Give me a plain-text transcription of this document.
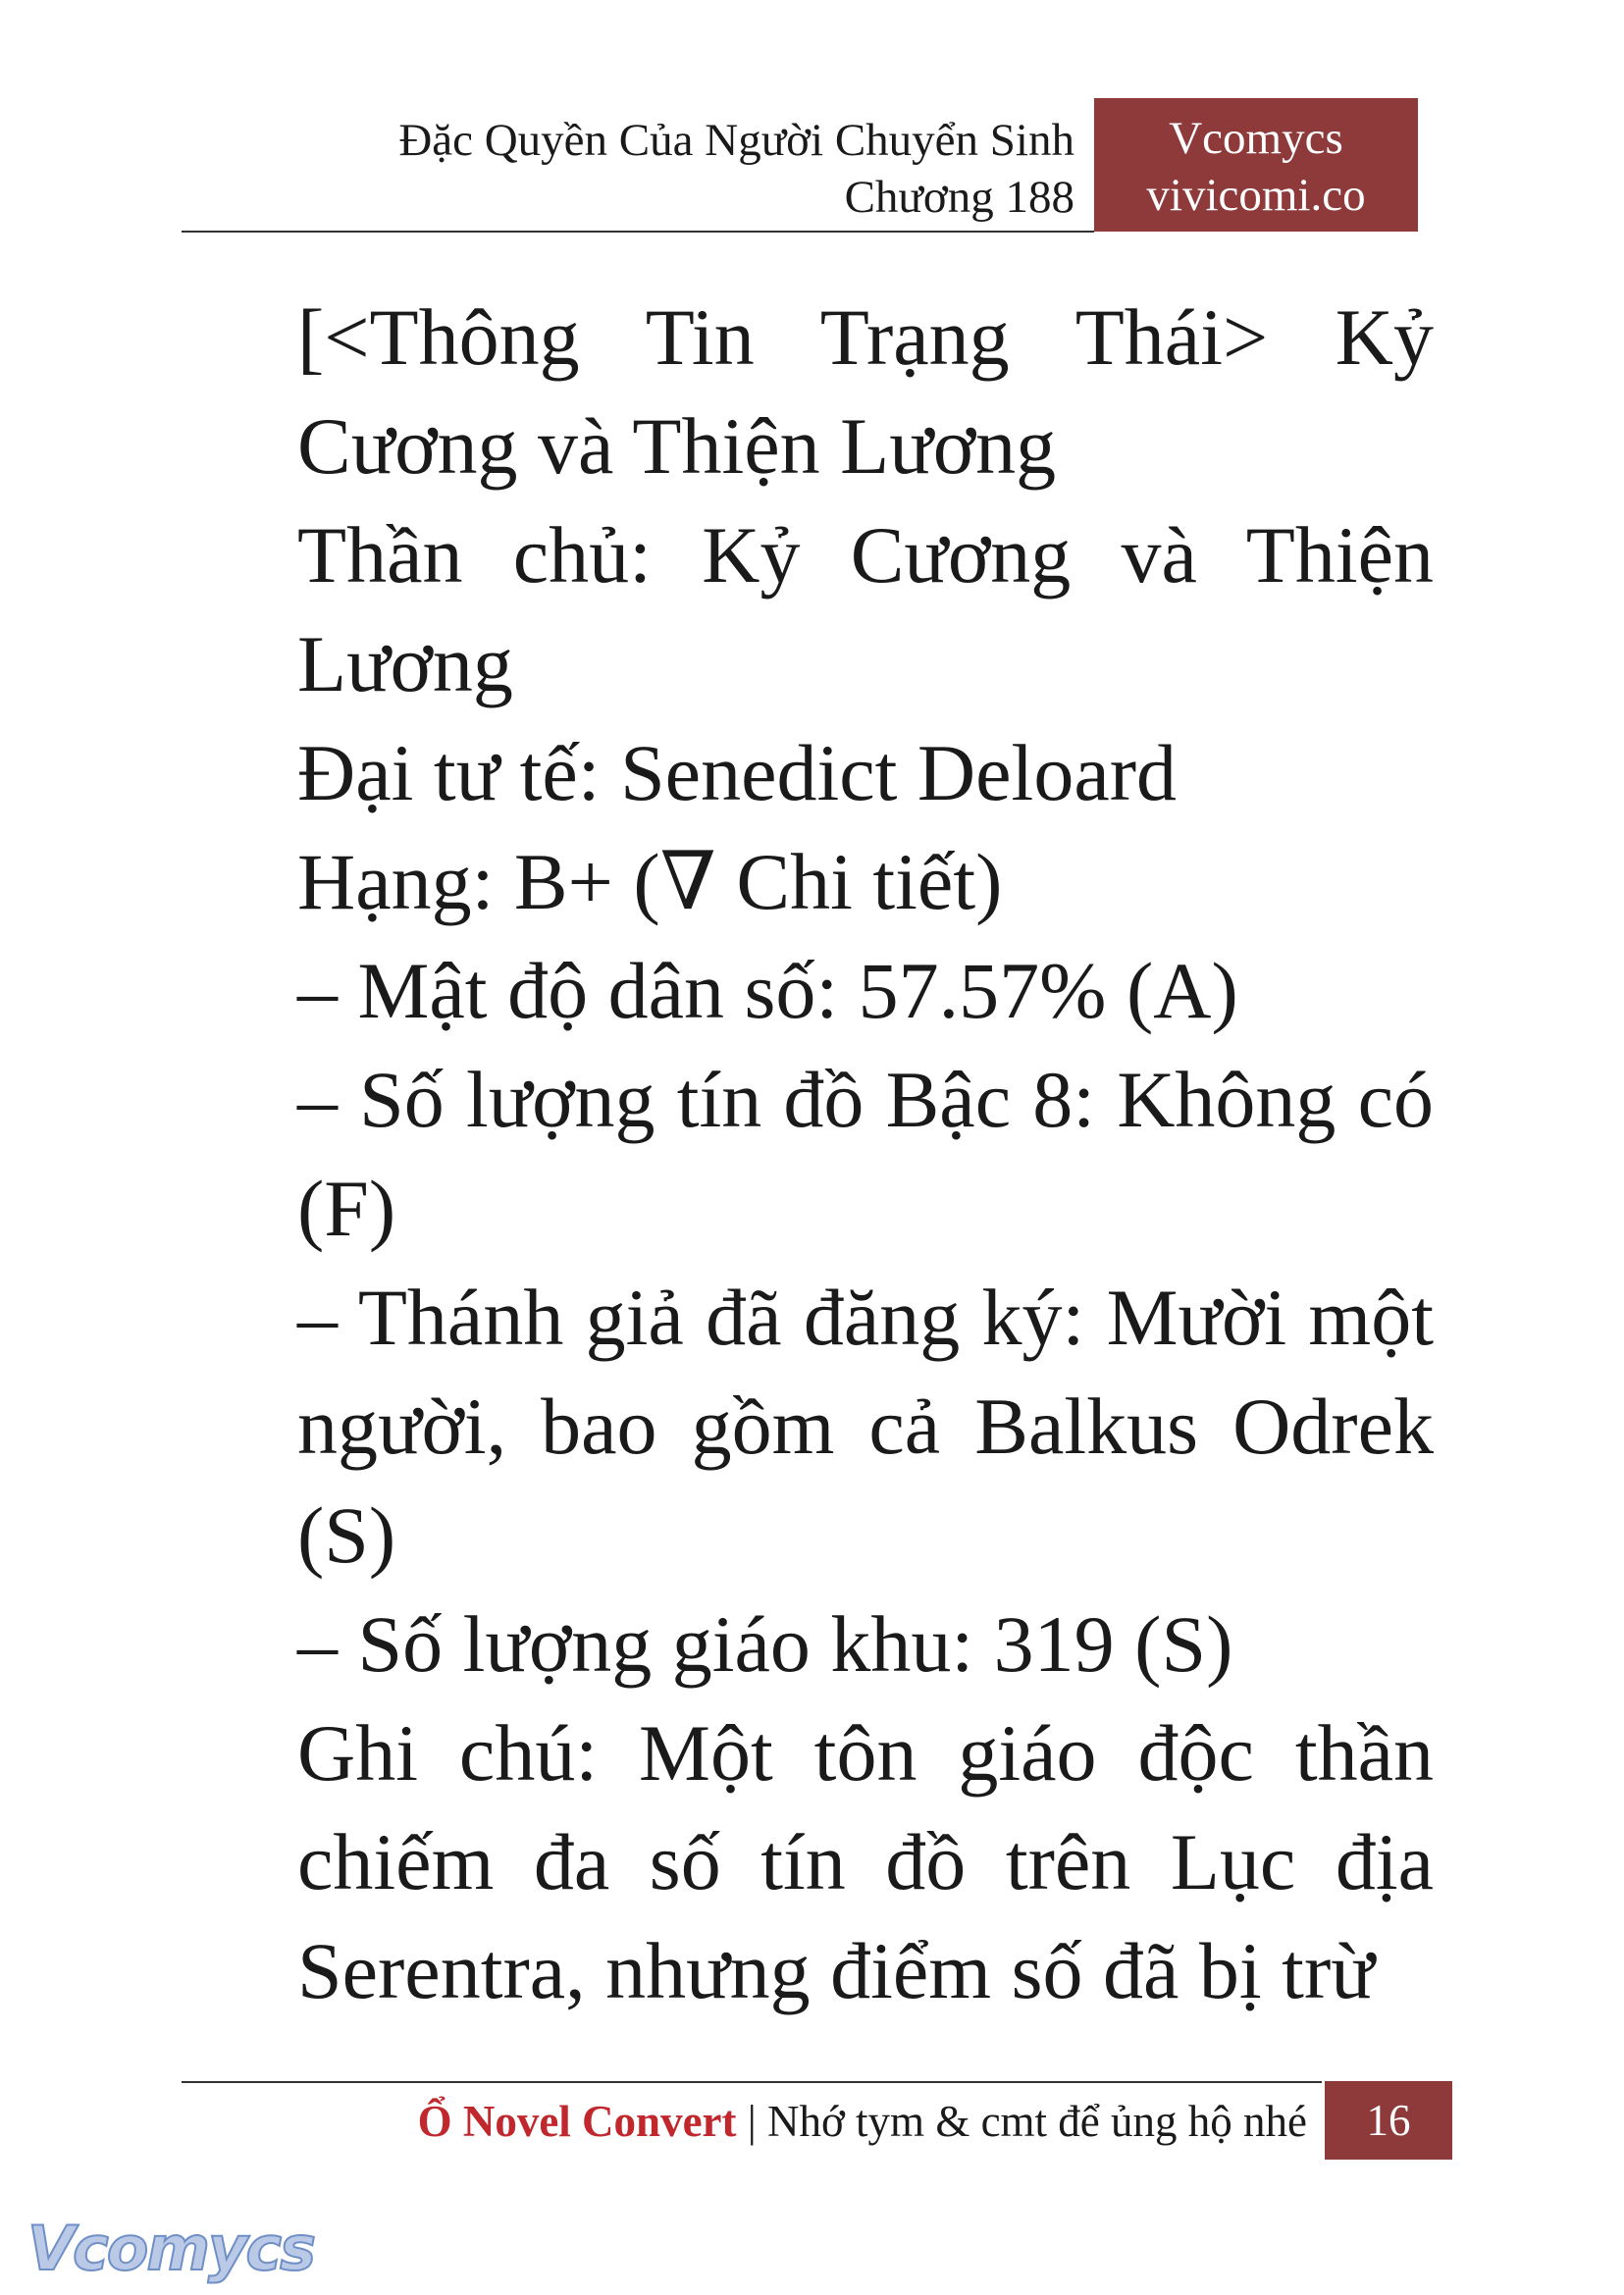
Đặc Quyền Của Người Chuyển Sinh
Chương 188
Vcomycs
vivicomi.co

[<Thông Tin Trạng Thái> Kỷ Cương và Thiện Lương

Thần chủ: Kỷ Cương và Thiện Lương

Đại tư tế: Senedict Deloard

Hạng: B+ (∇ Chi tiết)

– Mật độ dân số: 57.57% (A)

– Số lượng tín đồ Bậc 8: Không có (F)

– Thánh giả đã đăng ký: Mười một người, bao gồm cả Balkus Odrek (S)

– Số lượng giáo khu: 319 (S)

Ghi chú: Một tôn giáo độc thần chiếm đa số tín đồ trên Lục địa Serentra, nhưng điểm số đã bị trừ

Ổ Novel Convert | Nhớ tym & cmt để ủng hộ nhé	16
Vcomycs
